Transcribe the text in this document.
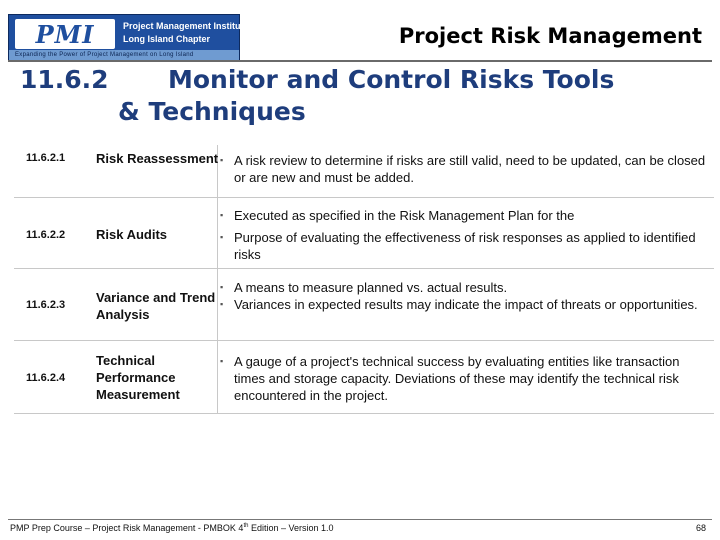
PMI	Project Management Institute
Long Island Chapter
Expanding the Power of Project Management on Long Island
Project Risk Management
11.6.2 Monitor and Control Risks Tools
& Techniques
11.6.2.1 Risk Reassessment ▪ A risk review to determine if risks are still valid, need to be updated, can be closed or are new and must be added.
11.6.2.2 Risk Audits
▪ Executed as specified in the Risk Management Plan for the
▪ Purpose of evaluating the effectiveness of risk responses as applied to identified risks
11.6.2.3 Variance and Trend Analysis
▪ A means to measure planned vs. actual results.
▪ Variances in expected results may indicate the impact of threats or opportunities.
11.6.2.4
Technical Performance Measurement
▪ A gauge of a project's technical success by evaluating entities like transaction times and storage capacity. Deviations of these may identify the technical risk encountered in the project.
PMP Prep Course – Project Risk Management - PMBOK 4th Edition – Version 1.0	68
